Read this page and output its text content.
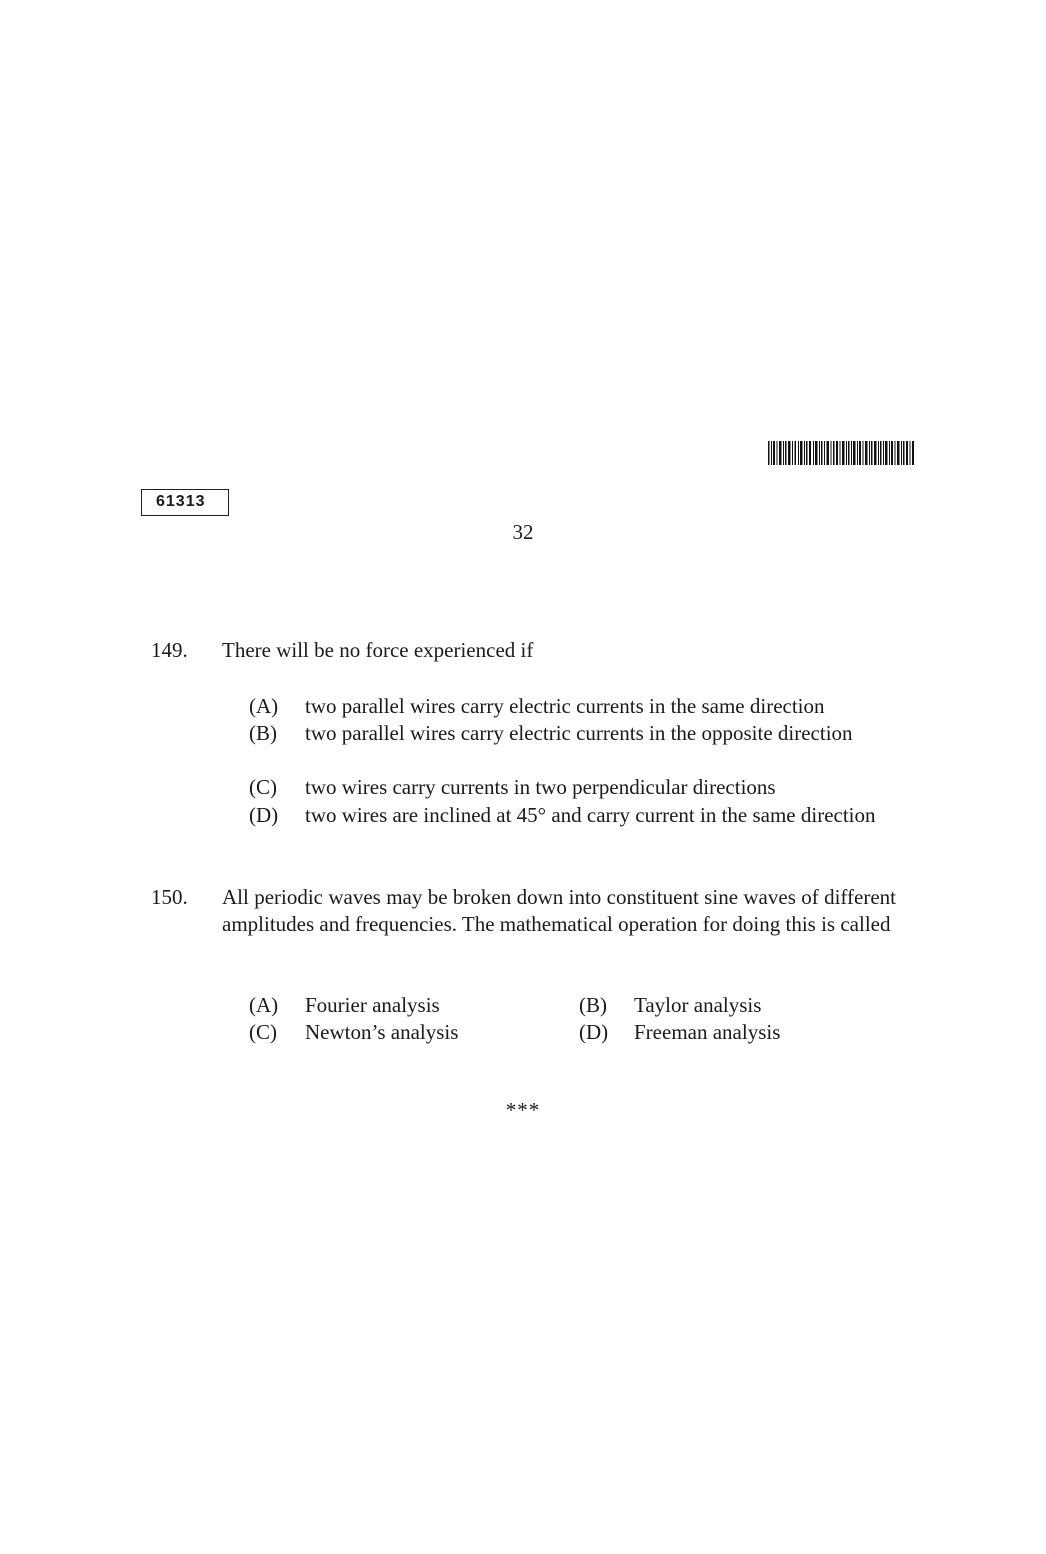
61313
32
149. There will be no force experienced if
(A) two parallel wires carry electric currents in the same direction
(B) two parallel wires carry electric currents in the opposite direction
(C) two wires carry currents in two perpendicular directions
(D) two wires are inclined at 45° and carry current in the same direction
150. All periodic waves may be broken down into constituent sine waves of different amplitudes and frequencies. The mathematical operation for doing this is called
(A) Fourier analysis	(B) Taylor analysis
(C) Newton’s analysis	(D) Freeman analysis
***
